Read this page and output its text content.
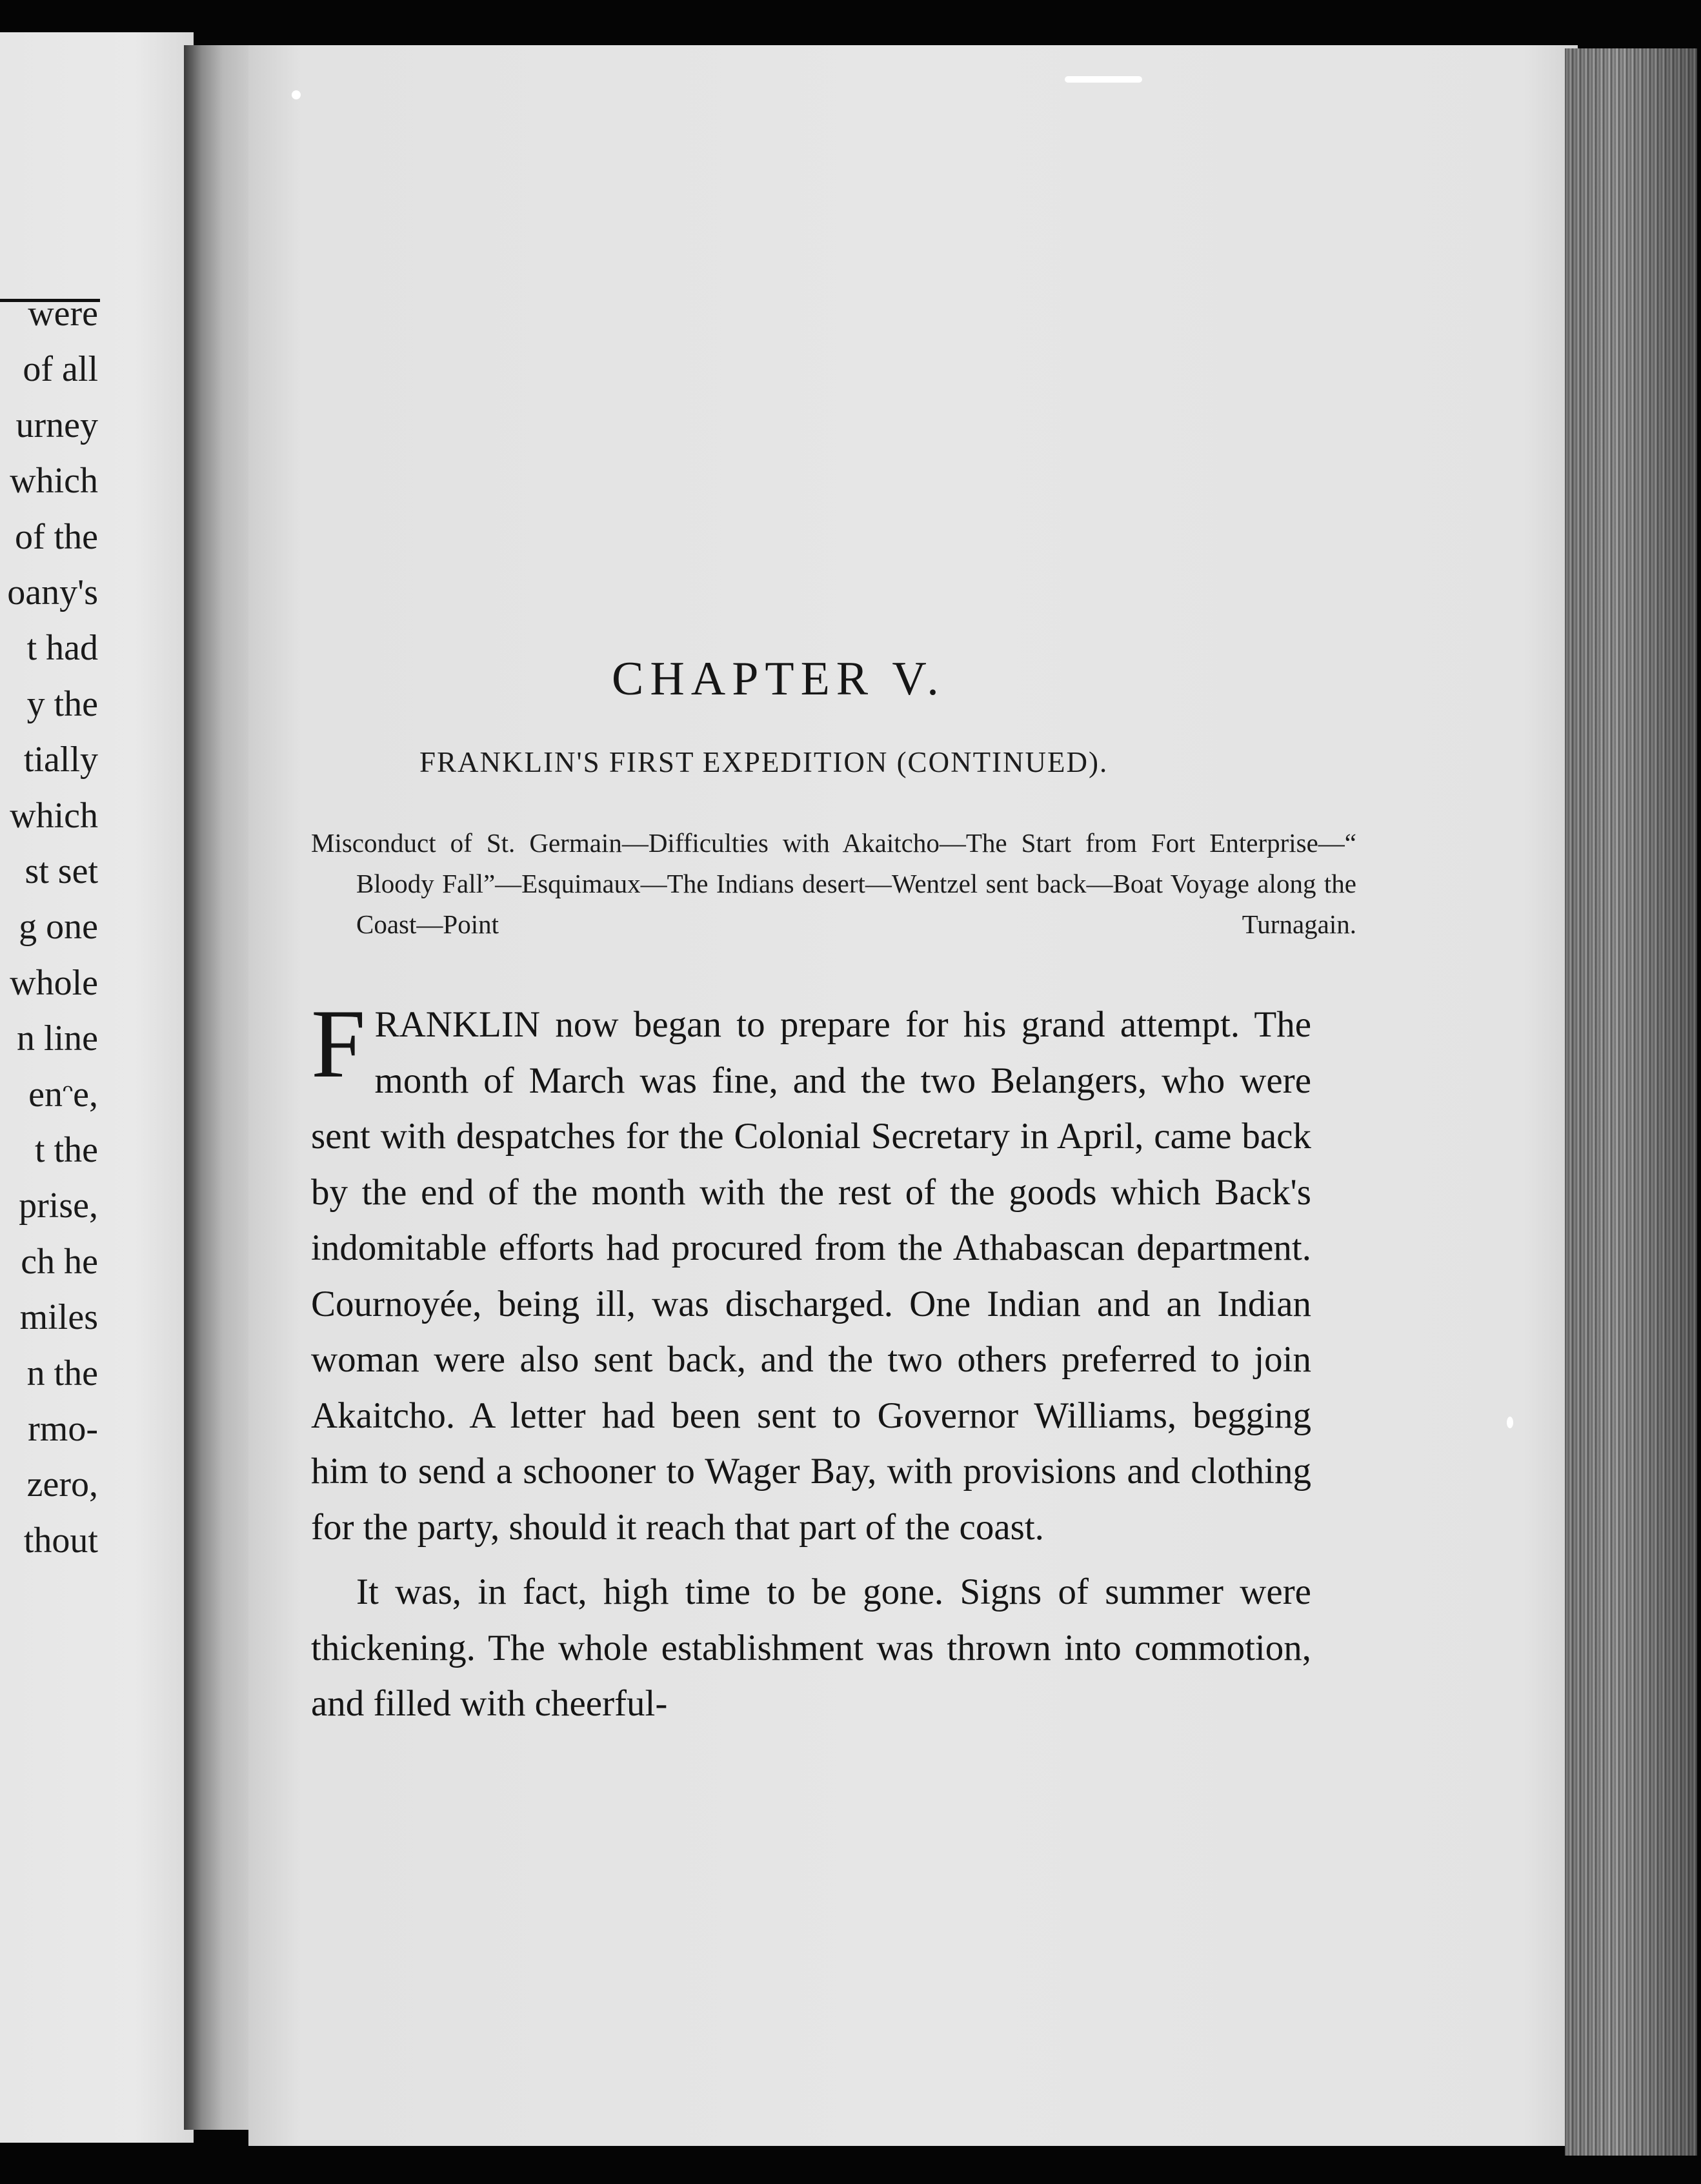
were
of all
urney
which
of the
oany's
t had
y the
tially
which
st set
g one
whole
n line
enᵔe,
t the
prise,
ch he
miles
n the
rmo-
zero,
thout
CHAPTER V.
FRANKLIN'S FIRST EXPEDITION (CONTINUED).
Misconduct of St. Germain—Difficulties with Akaitcho—The Start from Fort Enterprise—“ Bloody Fall”—Esquimaux—The Indians desert—Wentzel sent back—Boat Voyage along the Coast—Point Turnagain.

FRANKLIN now began to prepare for his grand attempt. The month of March was fine, and the two Belangers, who were sent with despatches for the Colonial Secretary in April, came back by the end of the month with the rest of the goods which Back's indomitable efforts had procured from the Athabascan department. Cournoyée, being ill, was discharged. One Indian and an Indian woman were also sent back, and the two others preferred to join Akaitcho. A letter had been sent to Governor Williams, begging him to send a schooner to Wager Bay, with provisions and clothing for the party, should it reach that part of the coast.

It was, in fact, high time to be gone. Signs of summer were thickening. The whole establishment was thrown into commotion, and filled with cheerful-
